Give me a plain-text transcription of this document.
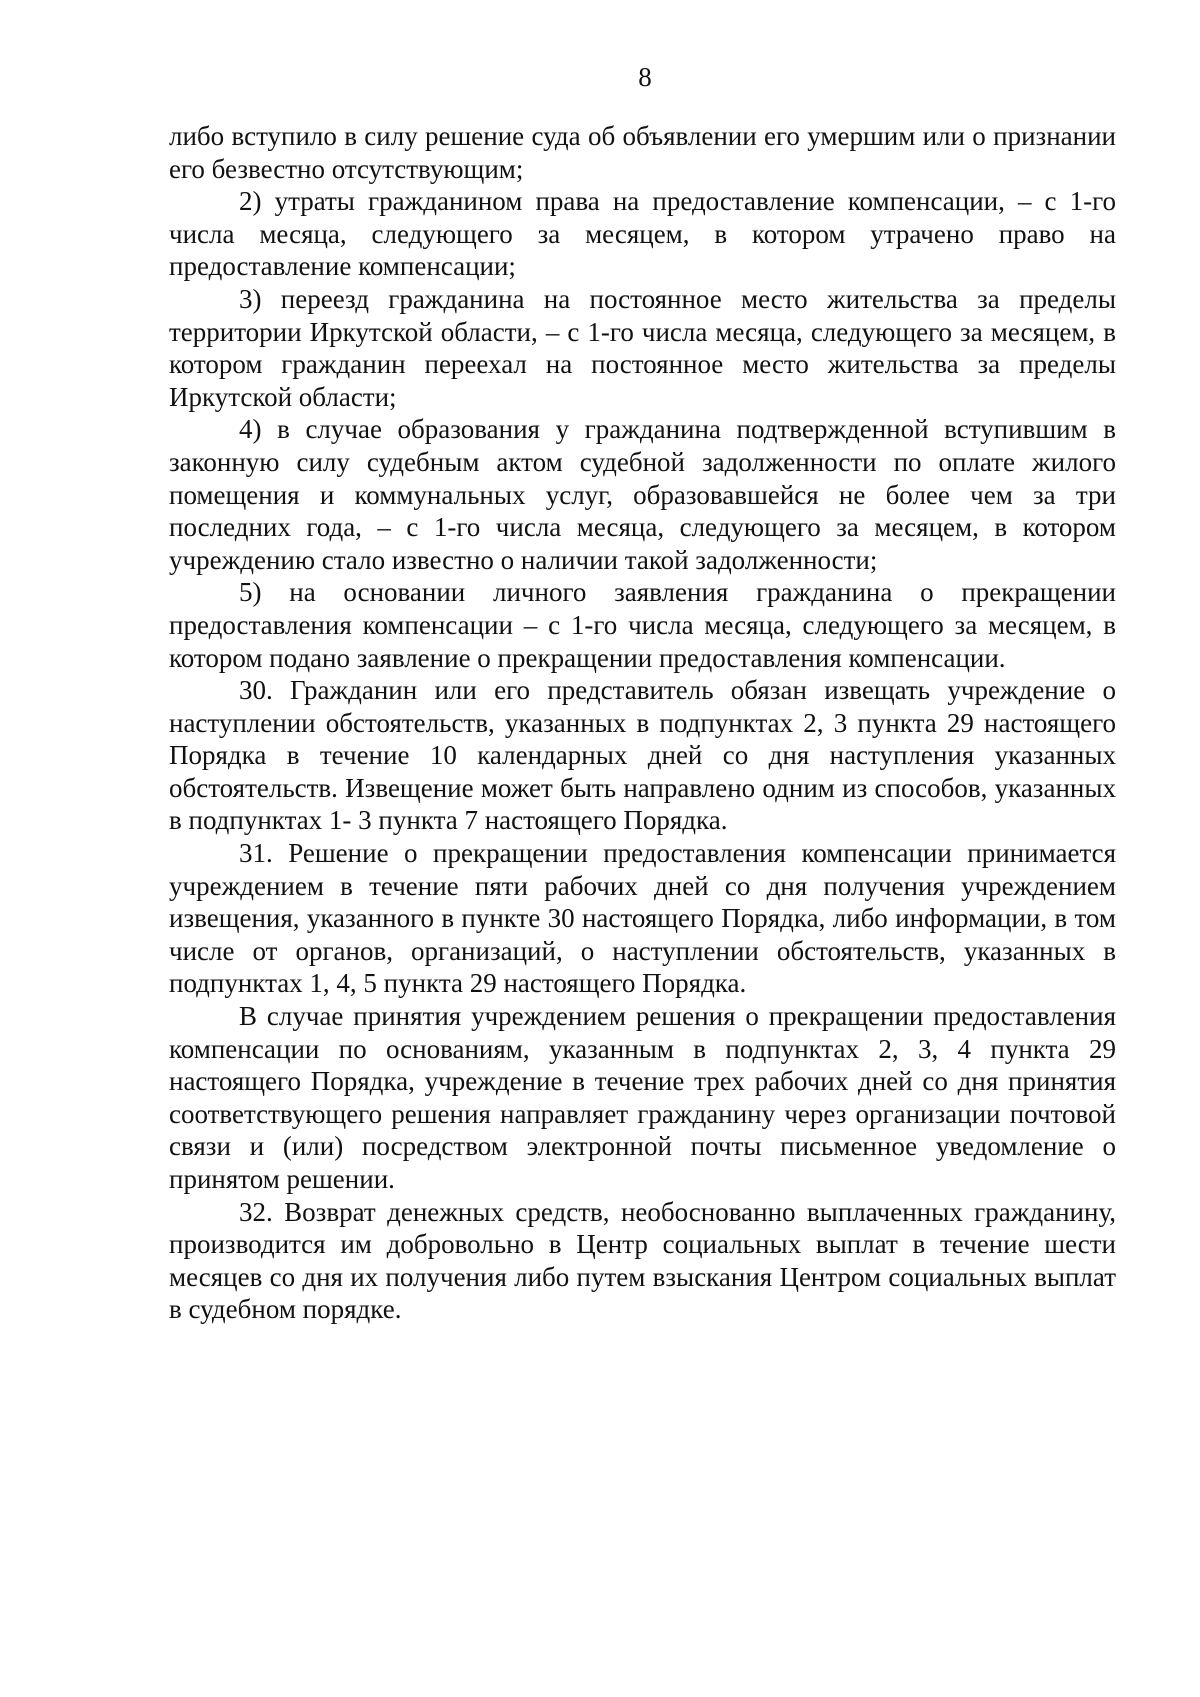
8

либо вступило в силу решение суда об объявлении его умершим или о признании его безвестно отсутствующим;

2) утраты гражданином права на предоставление компенсации, – с 1-го числа месяца, следующего за месяцем, в котором утрачено право на предоставление компенсации;

3) переезд гражданина на постоянное место жительства за пределы территории Иркутской области, – с 1-го числа месяца, следующего за месяцем, в котором гражданин переехал на постоянное место жительства за пределы Иркутской области;

4) в случае образования у гражданина подтвержденной вступившим в законную силу судебным актом судебной задолженности по оплате жилого помещения и коммунальных услуг, образовавшейся не более чем за три последних года, – с 1-го числа месяца, следующего за месяцем, в котором учреждению стало известно о наличии такой задолженности;

5) на основании личного заявления гражданина о прекращении предоставления компенсации – с 1-го числа месяца, следующего за месяцем, в котором подано заявление о прекращении предоставления компенсации.

30. Гражданин или его представитель обязан извещать учреждение о наступлении обстоятельств, указанных в подпунктах 2, 3 пункта 29 настоящего Порядка в течение 10 календарных дней со дня наступления указанных обстоятельств. Извещение может быть направлено одним из способов, указанных в подпунктах 1- 3 пункта 7 настоящего Порядка.

31. Решение о прекращении предоставления компенсации принимается учреждением в течение пяти рабочих дней со дня получения учреждением извещения, указанного в пункте 30 настоящего Порядка, либо информации, в том числе от органов, организаций, о наступлении обстоятельств, указанных в подпунктах 1, 4, 5 пункта 29 настоящего Порядка.

В случае принятия учреждением решения о прекращении предоставления компенсации по основаниям, указанным в подпунктах 2, 3, 4 пункта 29 настоящего Порядка, учреждение в течение трех рабочих дней со дня принятия соответствующего решения направляет гражданину через организации почтовой связи и (или) посредством электронной почты письменное уведомление о принятом решении.

32. Возврат денежных средств, необоснованно выплаченных гражданину, производится им добровольно в Центр социальных выплат в течение шести месяцев со дня их получения либо путем взыскания Центром социальных выплат в судебном порядке.
